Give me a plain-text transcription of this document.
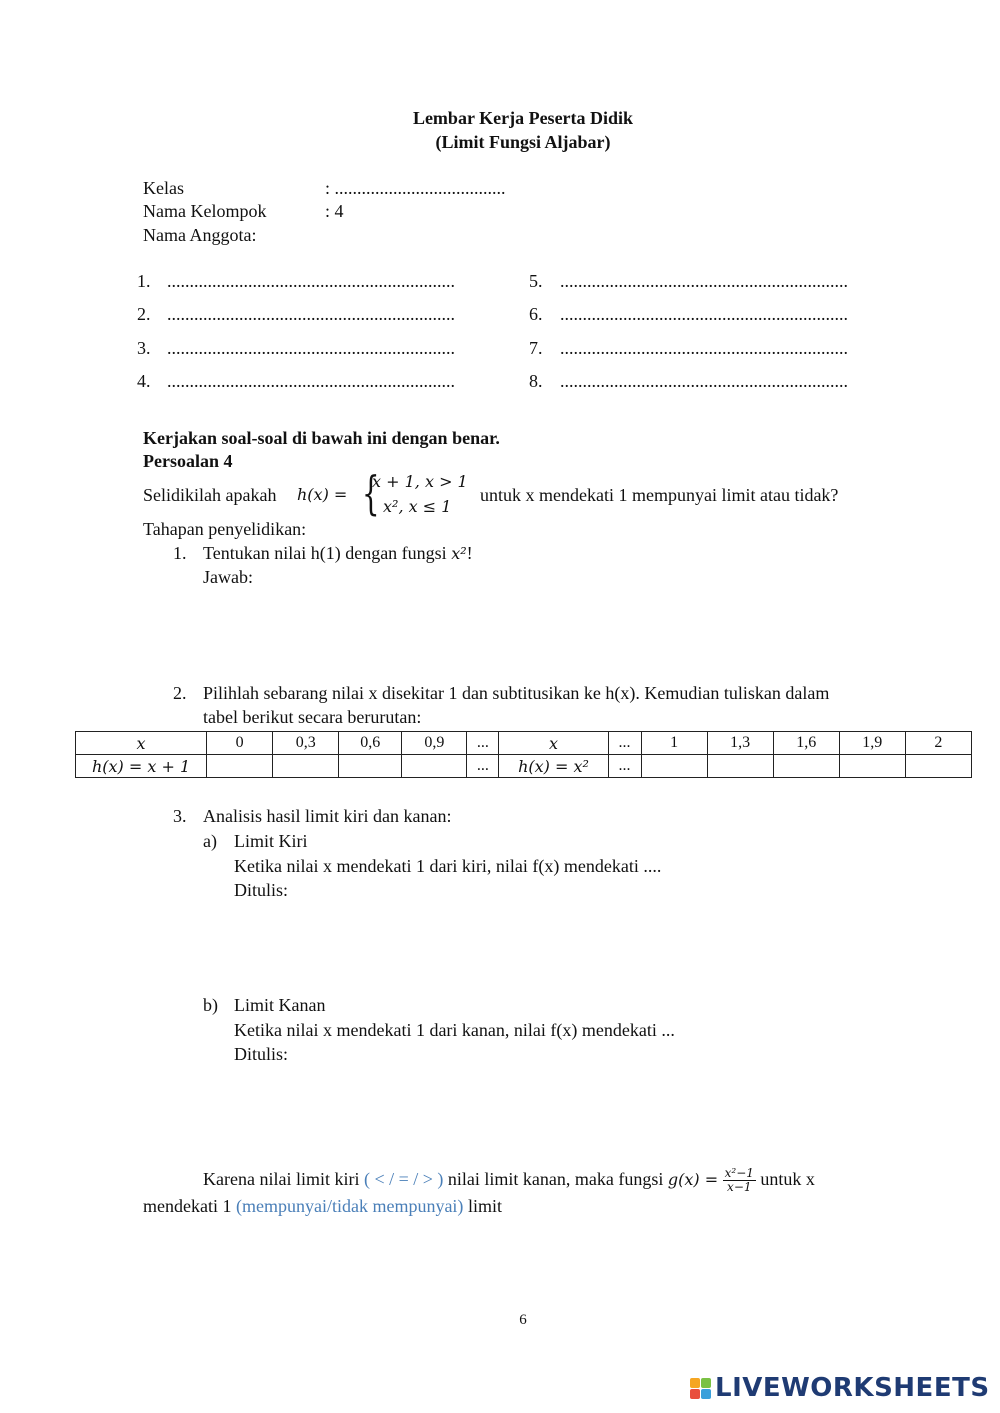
Lembar Kerja Peserta Didik
(Limit Fungsi Aljabar)
Kelas	: ......................................
Nama Kelompok	: 4
Nama Anggota:
1. ................................................................
2. ................................................................
3. ................................................................
4. ................................................................
5. ................................................................
6. ................................................................
7. ................................................................
8. ................................................................
Kerjakan soal-soal di bawah ini dengan benar.
Persoalan 4
Selidikilah apakah h(x) = {
x + 1, x > 1
x², x ≤ 1
untuk x mendekati 1 mempunyai limit atau tidak?
Tahapan penyelidikan:
1. Tentukan nilai h(1) dengan fungsi x²!
Jawab:
2. Pilihlah sebarang nilai x disekitar 1 dan subtitusikan ke h(x). Kemudian tuliskan dalam
tabel berikut secara berurutan:
x	0	0,3	0,6	0,9	...	x	...	1	1,3	1,6	1,9	2
h(x) = x + 1					...	h(x) = x²	...					
3. Analisis hasil limit kiri dan kanan:
a) Limit Kiri
Ketika nilai x mendekati 1 dari kiri, nilai f(x) mendekati ....
Ditulis:
b) Limit Kanan
Ketika nilai x mendekati 1 dari kanan, nilai f(x) mendekati ...
Ditulis:
Karena nilai limit kiri ( < / = / > ) nilai limit kanan, maka fungsi $g(x) = \frac{\text{x²−1}}{x-1}$ untuk x
mendekati 1 (mempunyai/tidak mempunyai) limit
6
LIVEWORKSHEETS
